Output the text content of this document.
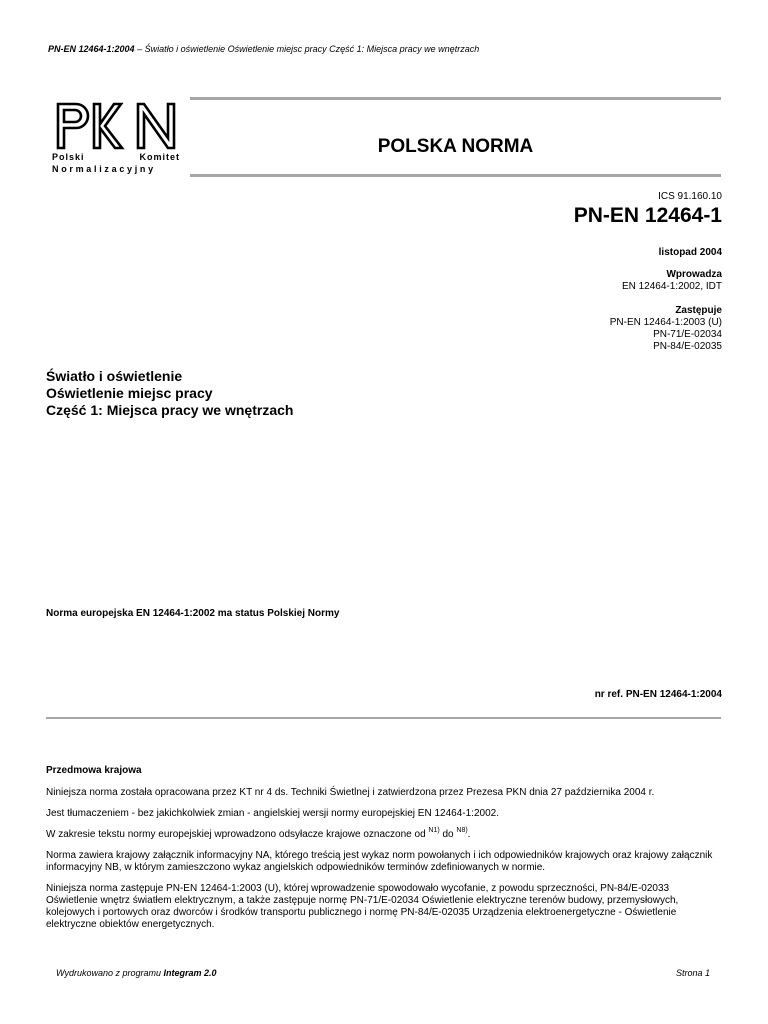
PN-EN 12464-1:2004 – Światło i oświetlenie Oświetlenie miejsc pracy Część 1: Miejsca pracy we wnętrzach
Polski	Komitet
Normalizacyjny
POLSKA NORMA
ICS 91.160.10
PN-EN 12464-1
listopad 2004
Wprowadza
EN 12464-1:2002, IDT
Zastępuje
PN-EN 12464-1:2003 (U)
PN-71/E-02034
PN-84/E-02035
Światło i oświetlenie
Oświetlenie miejsc pracy
Część 1: Miejsca pracy we wnętrzach
Norma europejska EN 12464-1:2002 ma status Polskiej Normy
nr ref. PN-EN 12464-1:2004
Przedmowa krajowa

Niniejsza norma została opracowana przez KT nr 4 ds. Techniki Świetlnej i zatwierdzona przez Prezesa PKN dnia 27 października 2004 r.

Jest tłumaczeniem - bez jakichkolwiek zmian - angielskiej wersji normy europejskiej EN 12464-1:2002.

W zakresie tekstu normy europejskiej wprowadzono odsyłacze krajowe oznaczone od $^{N1)}$ do $^{N8)}$.

Norma zawiera krajowy załącznik informacyjny NA, którego treścią jest wykaz norm powołanych i ich odpowiedników krajowych oraz krajowy załącznik informacyjny NB, w którym zamieszczono wykaz angielskich odpowiedników terminów zdefiniowanych w normie.

Niniejsza norma zastępuje PN-EN 12464-1:2003 (U), której wprowadzenie spowodowało wycofanie, z powodu sprzeczności, PN-84/E-02033 Oświetlenie wnętrz światłem elektrycznym, a także zastępuje normę PN-71/E-02034 Oświetlenie elektryczne terenów budowy, przemysłowych, kolejowych i portowych oraz dworców i środków transportu publicznego i normę PN-84/E-02035 Urządzenia elektroenergetyczne - Oświetlenie elektryczne obiektów energetycznych.

Wydrukowano z programu Integram 2.0	Strona 1
